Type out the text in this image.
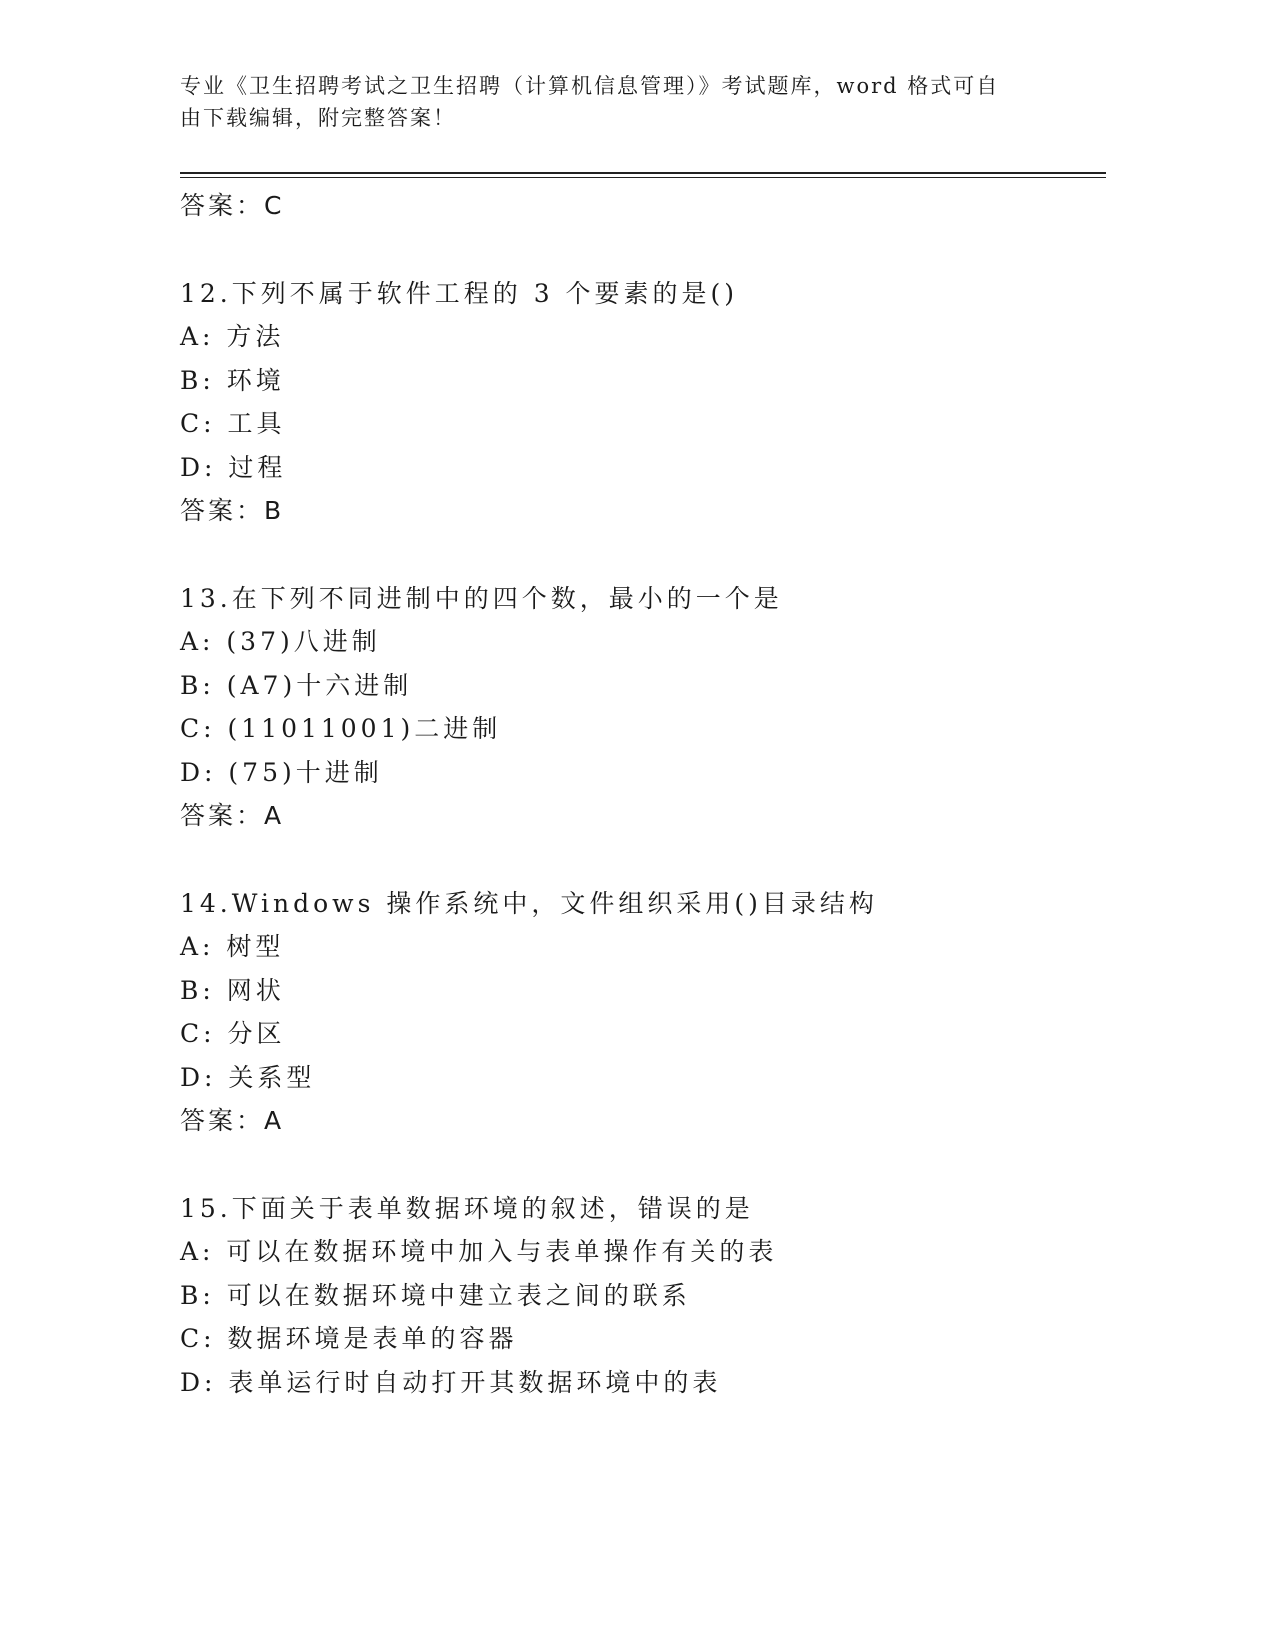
专业《卫生招聘考试之卫生招聘（计算机信息管理）》考试题库，word 格式可自
由下载编辑，附完整答案！
答案：C
12.下列不属于软件工程的 3 个要素的是()
A: 方法
B: 环境
C: 工具
D: 过程
答案：B
13.在下列不同进制中的四个数，最小的一个是
A: (37)八进制
B: (A7)十六进制
C: (11011001)二进制
D: (75)十进制
答案：A
14.Windows 操作系统中，文件组织采用()目录结构
A: 树型
B: 网状
C: 分区
D: 关系型
答案：A
15.下面关于表单数据环境的叙述，错误的是
A: 可以在数据环境中加入与表单操作有关的表
B: 可以在数据环境中建立表之间的联系
C: 数据环境是表单的容器
D: 表单运行时自动打开其数据环境中的表
